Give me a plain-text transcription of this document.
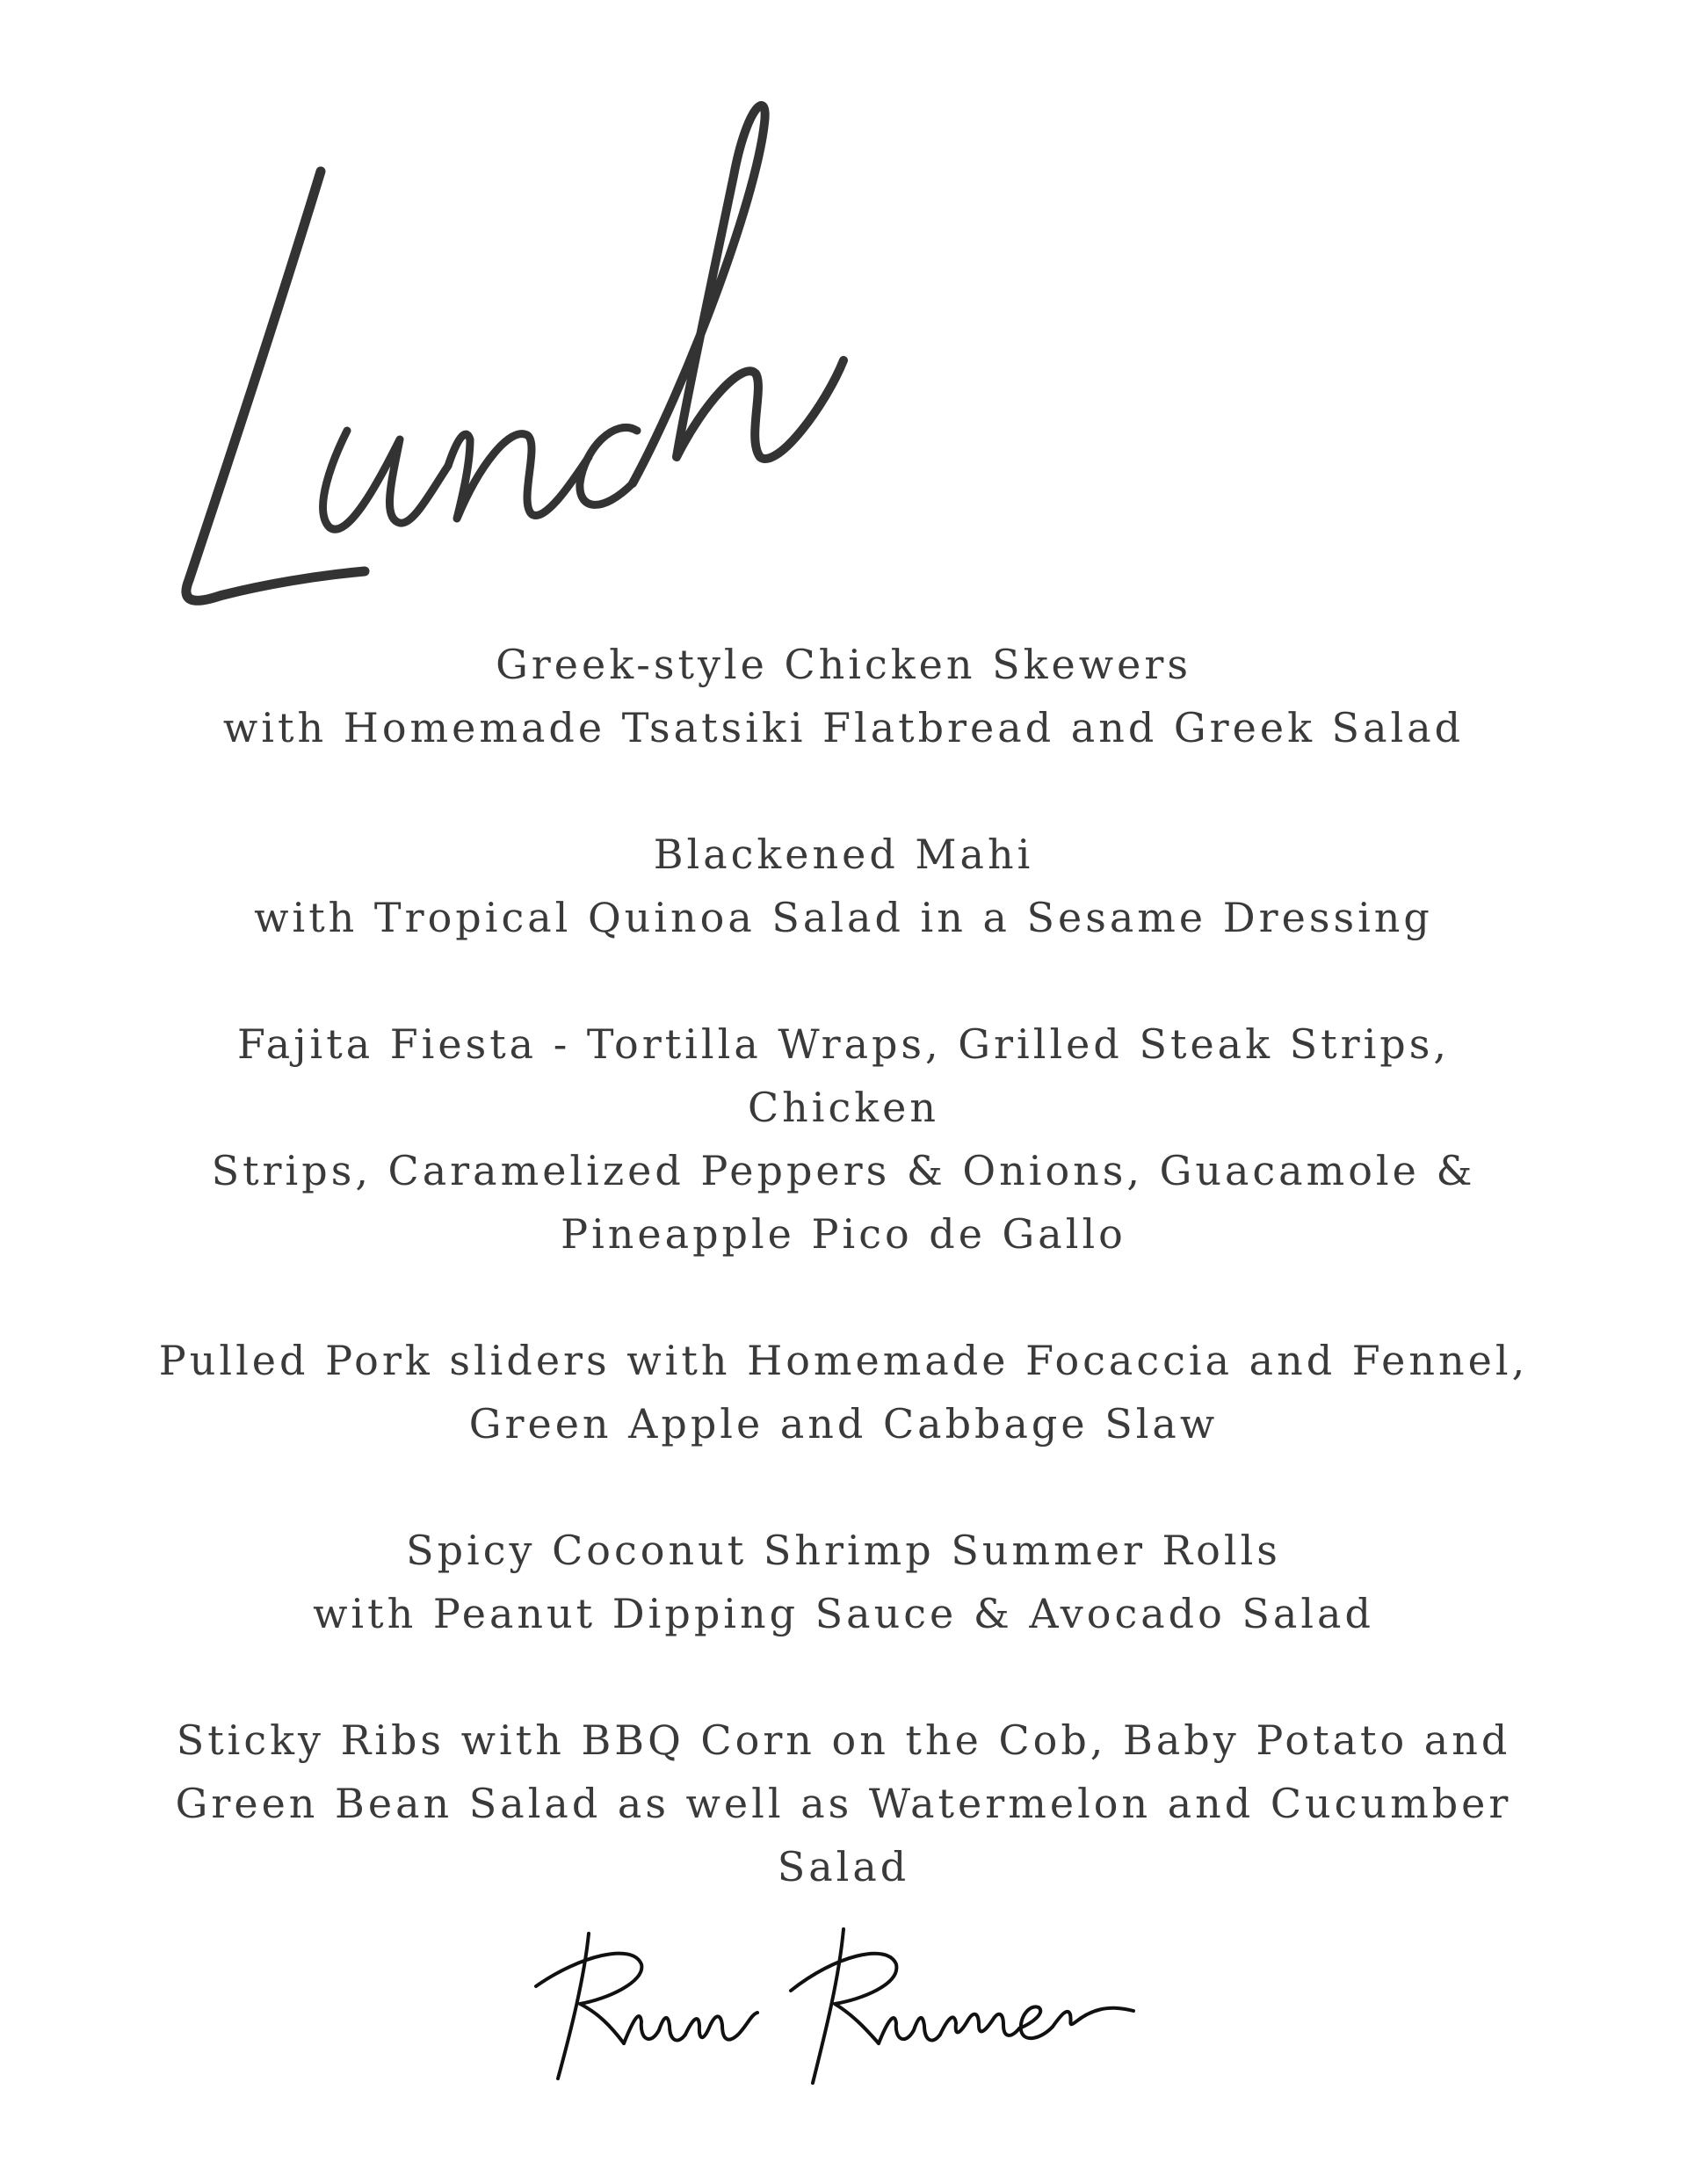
Greek-style Chicken Skewers
with Homemade Tsatsiki Flatbread and Greek Salad
Blackened Mahi
with Tropical Quinoa Salad in a Sesame Dressing
Fajita Fiesta - Tortilla Wraps, Grilled Steak Strips, Chicken
Strips, Caramelized Peppers & Onions, Guacamole &
Pineapple Pico de Gallo
Pulled Pork sliders with Homemade Focaccia and Fennel,
Green Apple and Cabbage Slaw
Spicy Coconut Shrimp Summer Rolls
with Peanut Dipping Sauce & Avocado Salad
Sticky Ribs with BBQ Corn on the Cob, Baby Potato and
Green Bean Salad as well as Watermelon and Cucumber Salad
